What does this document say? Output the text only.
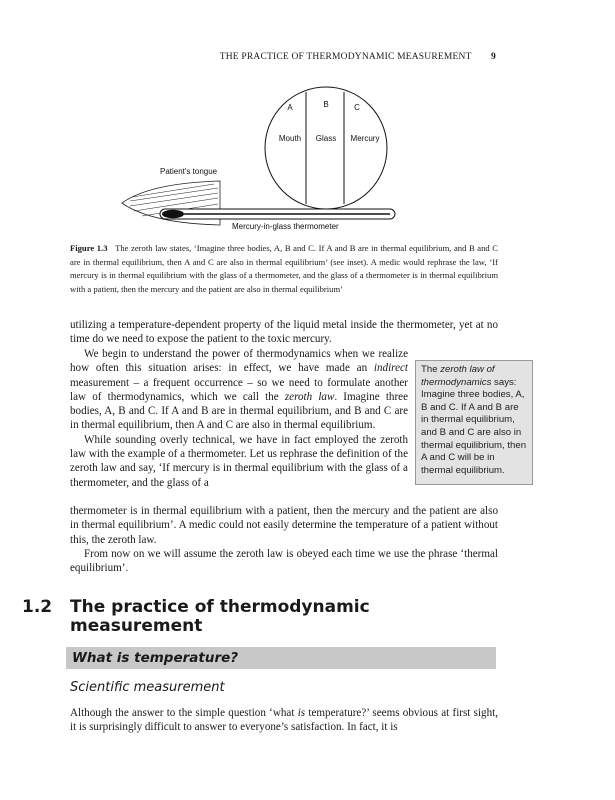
THE PRACTICE OF THERMODYNAMIC MEASUREMENT 9
A	B	C
Mouth Glass Mercury
Patient's tongue
Mercury-in-glass thermometer
Figure 1.3 The zeroth law states, ‘Imagine three bodies, A, B and C. If A and B are in thermal equilibrium, and B and C are in thermal equilibrium, then A and C are also in thermal equilibrium’ (see inset). A medic would rephrase the law, ‘If mercury is in thermal equilibrium with the glass of a thermometer, and the glass of a thermometer is in thermal equilibrium with a patient, then the mercury and the patient are also in thermal equilibrium’

utilizing a temperature-dependent property of the liquid metal inside the thermometer, yet at no time do we need to expose the patient to the toxic mercury.

We begin to understand the power of thermodynamics when we realize how often this situation arises: in effect, we have made an indirect measurement – a frequent occurrence – so we need to formulate another law of thermodynamics, which we call the zeroth law. Imagine three bodies, A, B and C. If A and B are in thermal equilibrium, and B and C are in thermal equilibrium, then A and C are also in thermal equilibrium.

While sounding overly technical, we have in fact employed the zeroth law with the example of a thermometer. Let us rephrase the definition of the zeroth law and say, ‘If mercury is in thermal equilibrium with the glass of a thermometer, and the glass of a

thermometer is in thermal equilibrium with a patient, then the mercury and the patient are also in thermal equilibrium’. A medic could not easily determine the temperature of a patient without this, the zeroth law.

From now on we will assume the zeroth law is obeyed each time we use the phrase ‘thermal equilibrium’.

The zeroth law of thermodynamics says: Imagine three bodies, A, B and C. If A and B are in thermal equilibrium, and B and C are also in thermal equilibrium, then A and C will be in thermal equilibrium.
1.2 The practice of thermodynamic measurement
What is temperature?
Scientific measurement

Although the answer to the simple question ‘what is temperature?’ seems obvious at first sight, it is surprisingly difficult to answer to everyone’s satisfaction. In fact, it is
